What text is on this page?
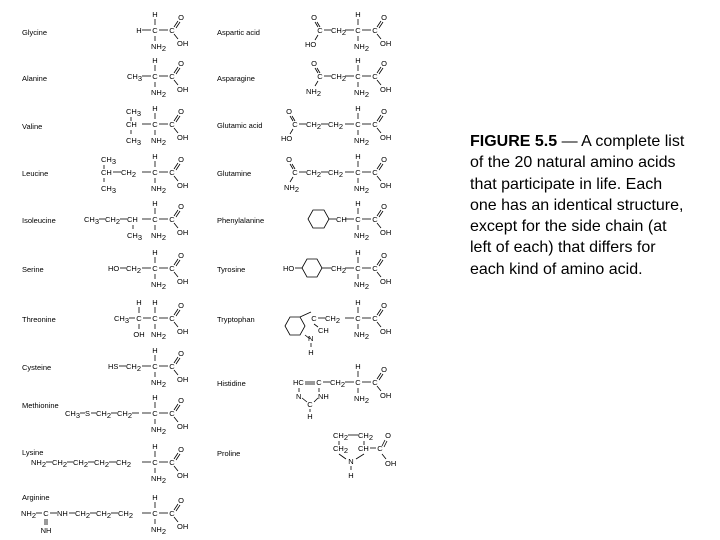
Glycine	H
H
C
NH2
C
O
OH
Alanine	CH3
H
C
NH2
C
O
OH
Valine
CH3
CH
CH3
H
C
NH2
C
O
OH
Leucine
CH3
CH CH2
CH3
H
C
NH2
C
O
OH
Isoleucine	CH3 CH2 CH
CH3
H
C
NH2
C
O
OH
Serine	HO CH2
H
C
NH2
C
O
OH
Threonine	CH3
H
C
OH
H
C
NH2
C
O
OH
Cysteine	HS CH2
H
C
NH2
C
O
OH
Methionine
CH3 S CH2 CH2
H
C
NH2
C
O
OH
Lysine
NH2 CH2 CH2 CH2 CH2
H
C
NH2
C
O
OH
Arginine
NH2 C
NH
NH CH2 CH2 CH2
H
C
NH2
C
O
OH
Aspartic acid	C
O
HO
CH2
H
C
NH2
C
O
OH
Asparagine	C
O
NH2
CH2
H
C
NH2
C
O
OH
Glutamic acid	C
O
HO
CH2 CH2
H
C
NH2
C
O
OH
Glutamine	C
O
NH2
CH2 CH2
H
C
NH2
C
O
OH
Phenylalanine	CH
H
C
NH2
C
O
OH
Tyrosine	HO	CH2
H
C
NH2
C
O
OH
Tryptophan	C
CH
N
H
CH2
H
C
NH2
C
O
OH
Histidine	HC C
N NH
C
H
CH2
H
C
NH2
C
O
OH
Proline
CH2 CH2
CH2 CH
N
H
C
O
OH
FIGURE 5.5 — A complete list of the 20 natural amino acids that participate in life. Each one has an identical structure, except for the side chain (at left of each) that differs for each kind of amino acid.
